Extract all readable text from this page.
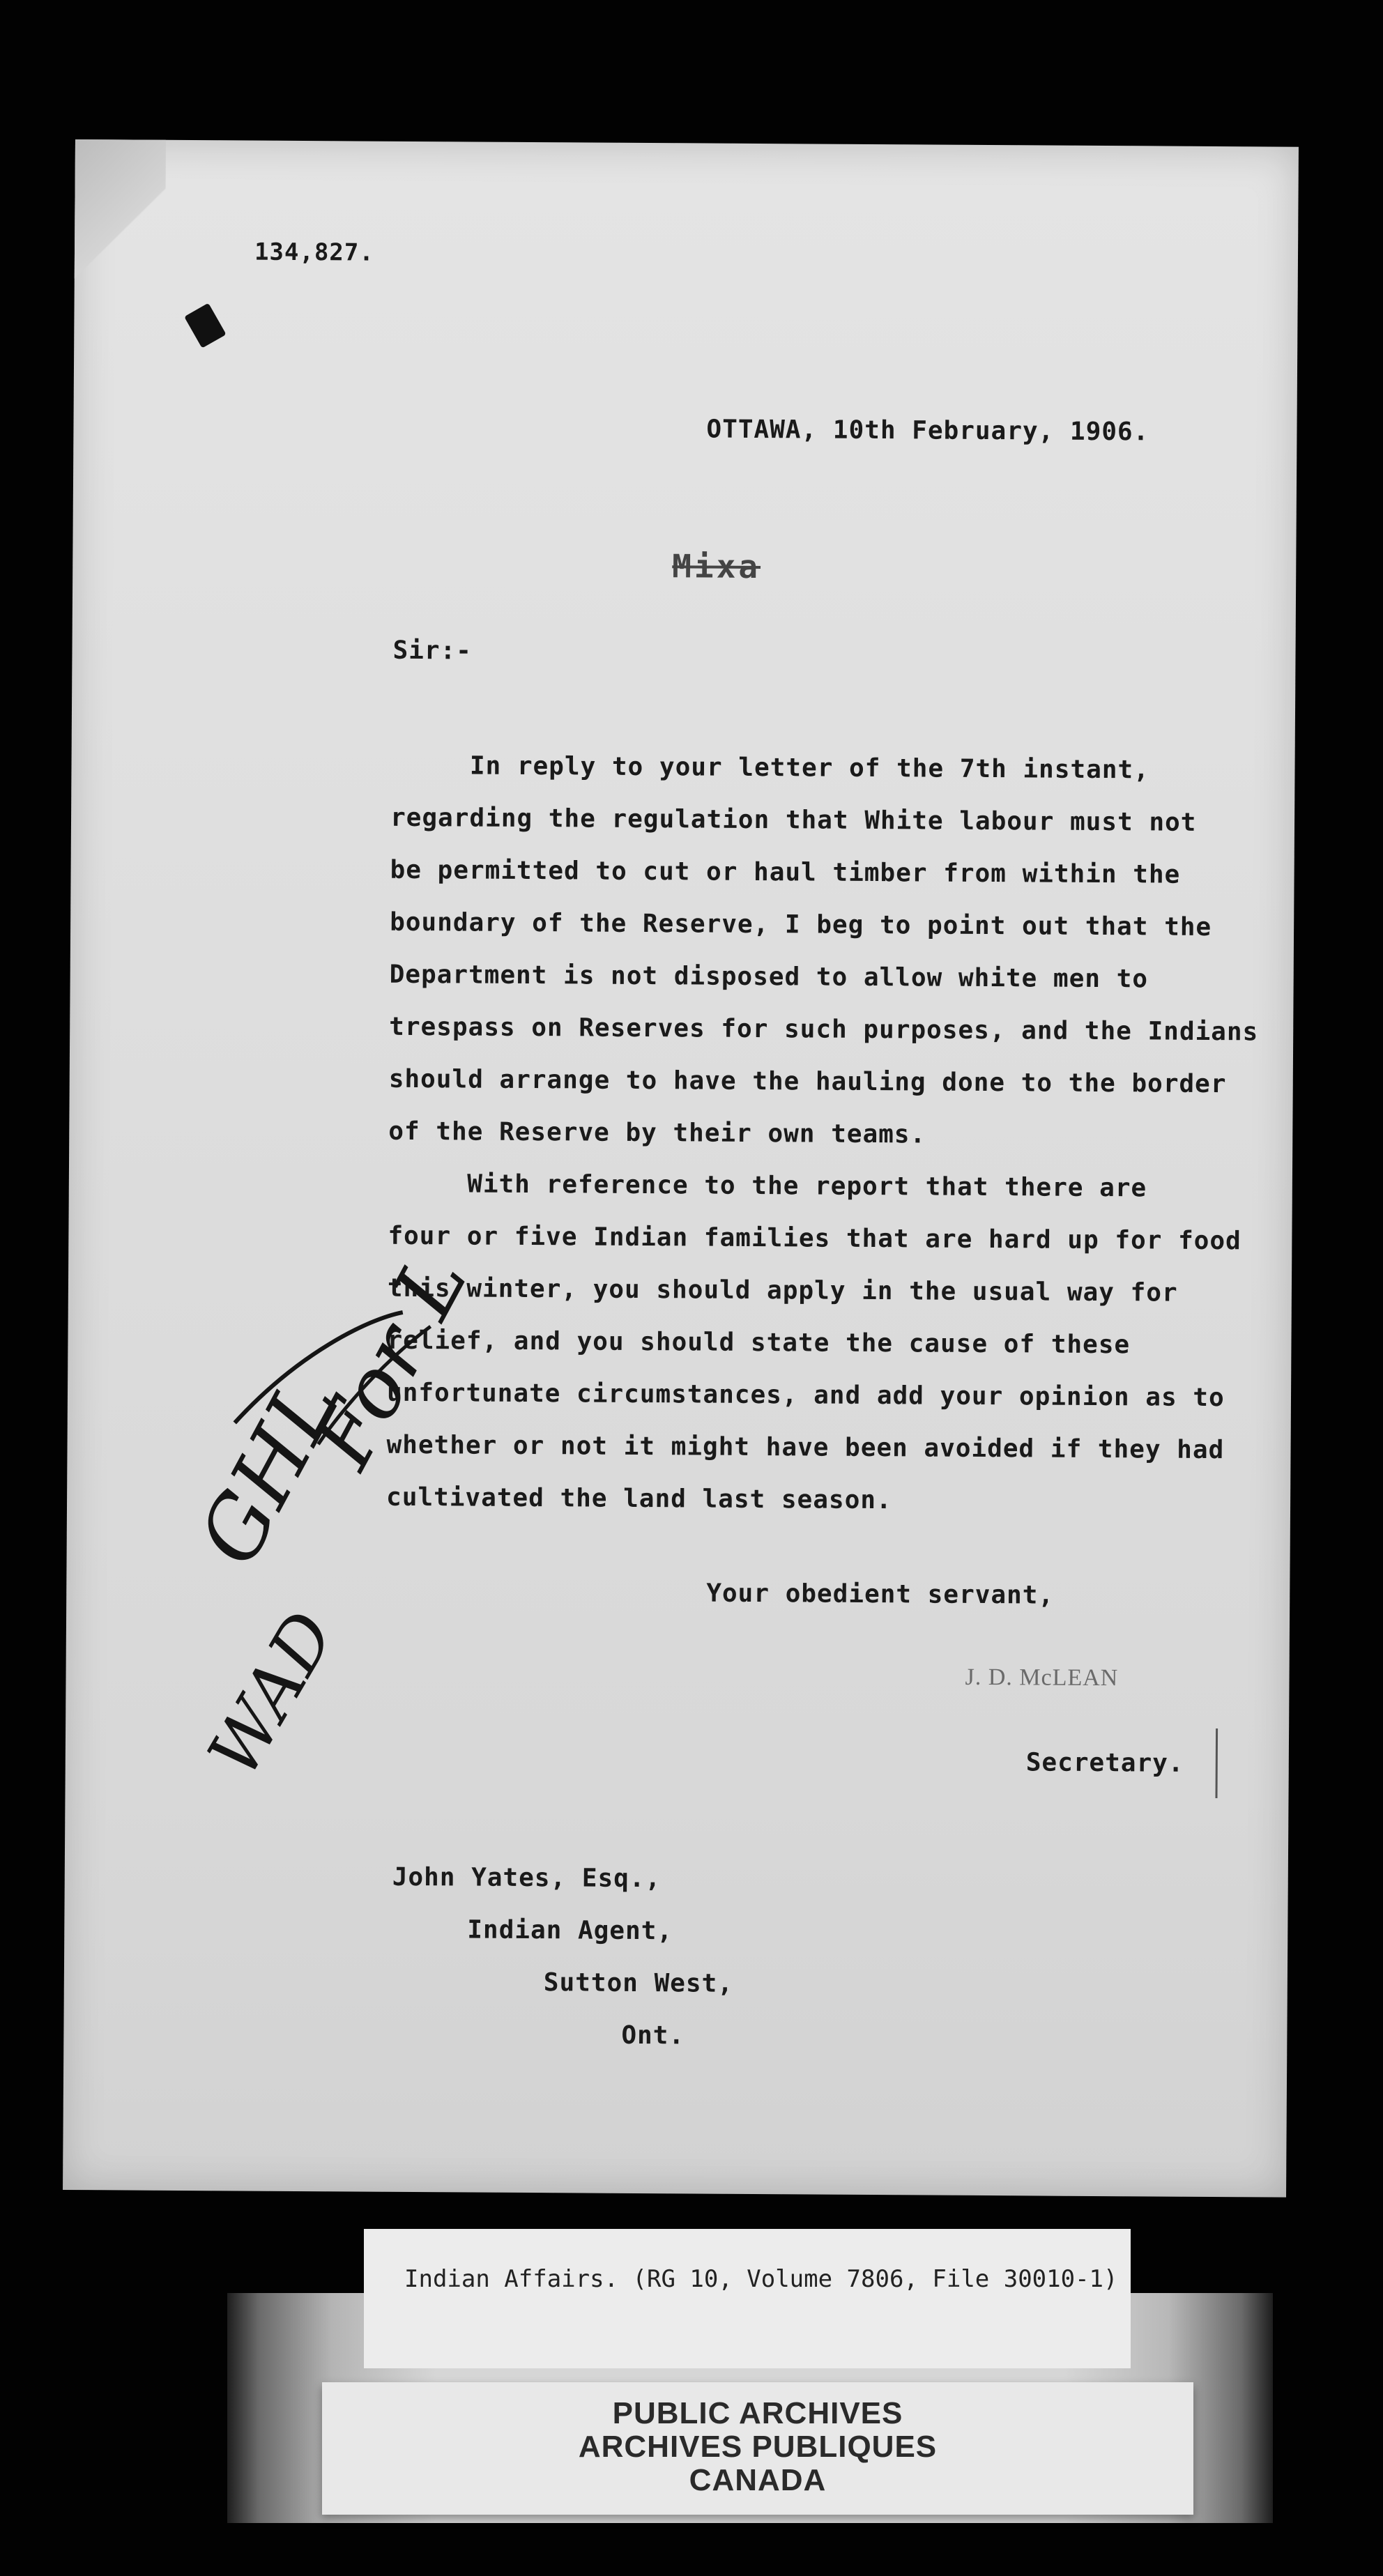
134,827.
OTTAWA, 10th February, 1906.
Mixa
Sir:-
In reply to your letter of the 7th instant,
regarding the regulation that White labour must not
be permitted to cut or haul timber from within the
boundary of the Reserve, I beg to point out that the
Department is not disposed to allow white men to
trespass on Reserves for such purposes, and the Indians
should arrange to have the hauling done to the border
of the Reserve by their own teams.
With reference to the report that there are
four or five Indian families that are hard up for food
this winter, you should apply in the usual way for
relief, and you should state the cause of these
unfortunate circumstances, and add your opinion as to
whether or not it might have been avoided if they had
cultivated the land last season.
Your obedient servant,
J. D. McLEAN
Secretary.
John Yates, Esq.,
Indian Agent,
Sutton West,
Ont.
GHL
For L
WAD
Indian Affairs. (RG 10, Volume 7806, File 30010-1)
PUBLIC ARCHIVES
ARCHIVES PUBLIQUES
CANADA
